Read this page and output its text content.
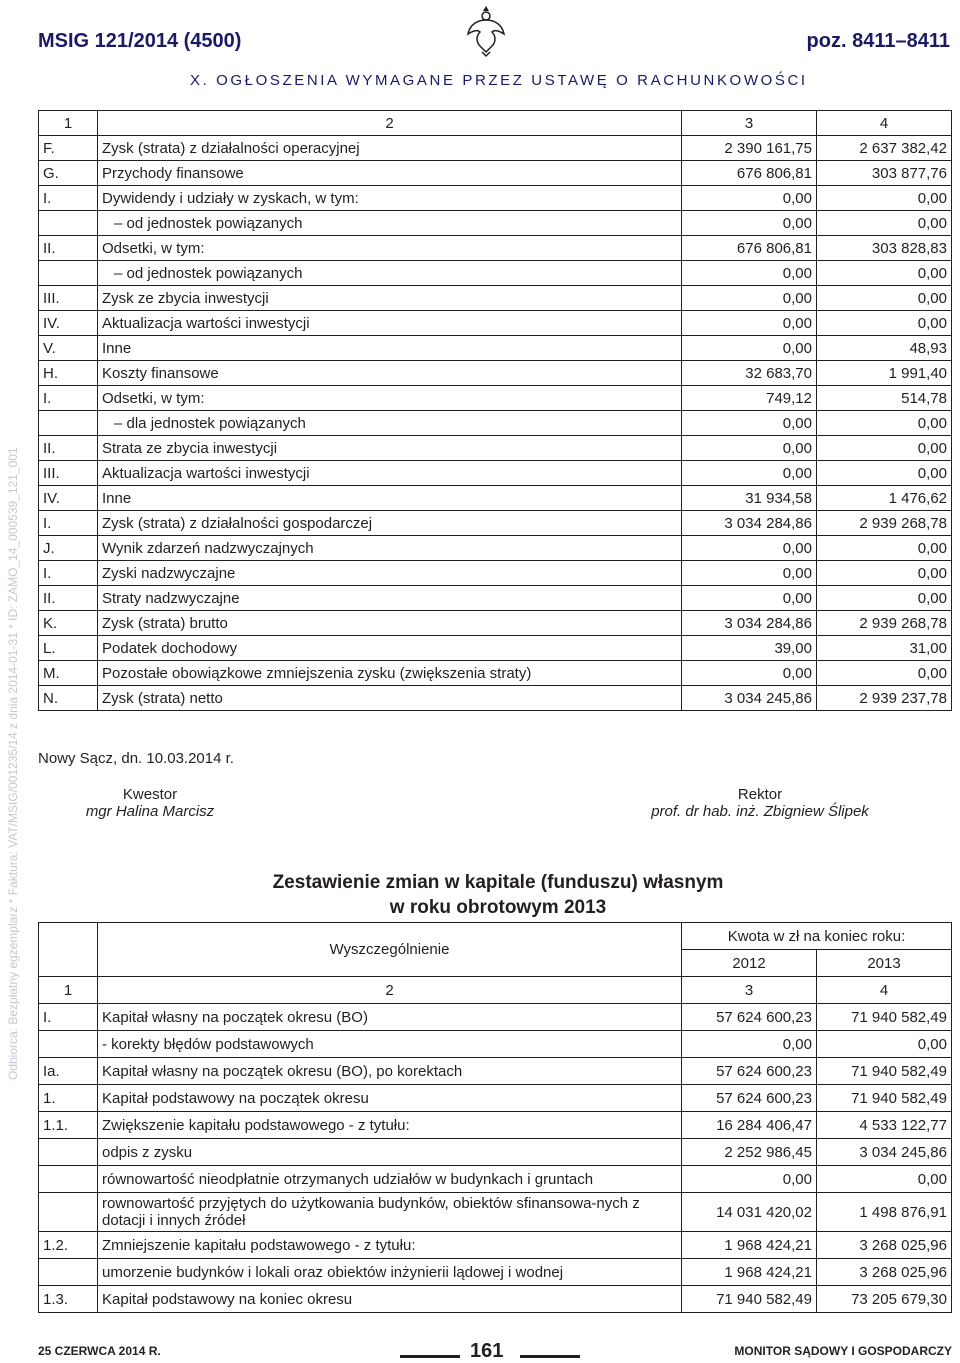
MSIG 121/2014 (4500)	poz. 8411–8411
X. OGŁOSZENIA WYMAGANE PRZEZ USTAWĘ O RACHUNKOWOŚCI
Odbiorca: Bezpłatny egzemplarz * Faktura: VAT/MSIG/001235/14 z dnia 2014-01-31 * ID: ZAMO_14_000539_121_001
1	2	3	4
F.	Zysk (strata) z działalności operacyjnej	2 390 161,75	2 637 382,42
G.	Przychody finansowe	676 806,81	303 877,76
I.	Dywidendy i udziały w zyskach, w tym:	0,00	0,00
	– od jednostek powiązanych	0,00	0,00
II.	Odsetki, w tym:	676 806,81	303 828,83
	– od jednostek powiązanych	0,00	0,00
III.	Zysk ze zbycia inwestycji	0,00	0,00
IV.	Aktualizacja wartości inwestycji	0,00	0,00
V.	Inne	0,00	48,93
H.	Koszty finansowe	32 683,70	1 991,40
I.	Odsetki, w tym:	749,12	514,78
	– dla jednostek powiązanych	0,00	0,00
II.	Strata ze zbycia inwestycji	0,00	0,00
III.	Aktualizacja wartości inwestycji	0,00	0,00
IV.	Inne	31 934,58	1 476,62
I.	Zysk (strata) z działalności gospodarczej	3 034 284,86	2 939 268,78
J.	Wynik zdarzeń nadzwyczajnych	0,00	0,00
I.	Zyski nadzwyczajne	0,00	0,00
II.	Straty nadzwyczajne	0,00	0,00
K.	Zysk (strata) brutto	3 034 284,86	2 939 268,78
L.	Podatek dochodowy	39,00	31,00
M.	Pozostałe obowiązkowe zmniejszenia zysku (zwiększenia straty)	0,00	0,00
N.	Zysk (strata) netto	3 034 245,86	2 939 237,78
Nowy Sącz, dn. 10.03.2014 r.
Kwestor
mgr Halina Marcisz
Rektor
prof. dr hab. inż. Zbigniew Ślipek
Zestawienie zmian w kapitale (funduszu) własnym
w roku obrotowym 2013
	Wyszczególnienie	Kwota w zł na koniec roku:	
		2012	2013
1	2	3	4
I.	Kapitał własny na początek okresu (BO)	57 624 600,23	71 940 582,49
	- korekty błędów podstawowych	0,00	0,00
Ia.	Kapitał własny na początek okresu (BO), po korektach	57 624 600,23	71 940 582,49
1.	Kapitał podstawowy na początek okresu	57 624 600,23	71 940 582,49
1.1.	Zwiększenie kapitału podstawowego - z tytułu:	16 284 406,47	4 533 122,77
	odpis z zysku	2 252 986,45	3 034 245,86
	równowartość nieodpłatnie otrzymanych udziałów w budynkach i gruntach	0,00	0,00
	rownowartość przyjętych do użytkowania budynków, obiektów sfinansowa-nych z dotacji i innych źródeł	14 031 420,02	1 498 876,91
1.2.	Zmniejszenie kapitału podstawowego - z tytułu:	1 968 424,21	3 268 025,96
	umorzenie budynków i lokali oraz obiektów inżynierii lądowej i wodnej	1 968 424,21	3 268 025,96
1.3.	Kapitał podstawowy na koniec okresu	71 940 582,49	73 205 679,30
25 CZERWCA 2014 R.	161	MONITOR SĄDOWY I GOSPODARCZY
